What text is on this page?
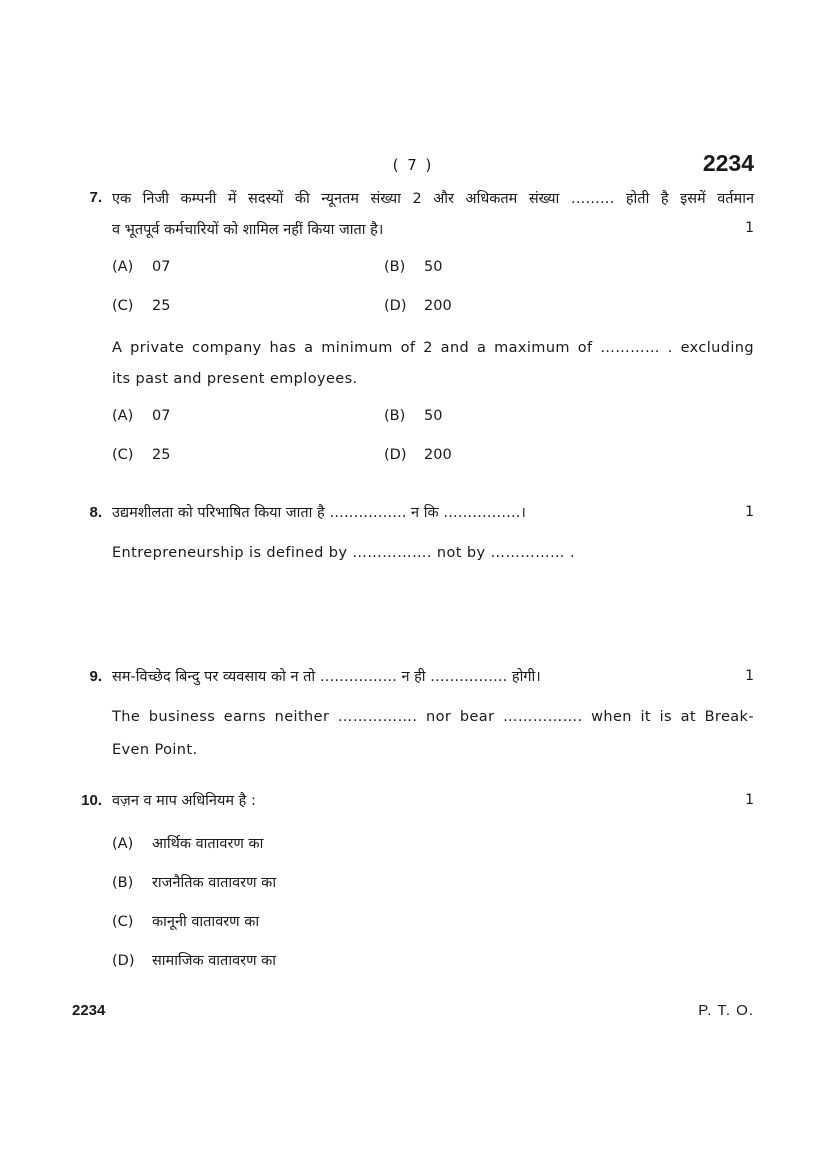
( 7 )	2234
7. एक निजी कम्पनी में सदस्यों की न्यूनतम संख्या 2 और अधिकतम संख्या ……… होती है इसमें वर्तमान
व भूतपूर्व कर्मचारियों को शामिल नहीं किया जाता है।	1
(A) 07	(B) 50
(C) 25	(D) 200
A private company has a minimum of 2 and a maximum of ………… . excluding
its past and present employees.
(A) 07	(B) 50
(C) 25	(D) 200
8. उद्यमशीलता को परिभाषित किया जाता है ……………. न कि …………….।	1
Entrepreneurship is defined by ……………. not by …………… .
9. सम-विच्छेद बिन्दु पर व्यवसाय को न तो ……………. न ही ……………. होगी।	1
The business earns neither ……………. nor bear ……………. when it is at Break-
Even Point.
10. वज़न व माप अधिनियम है :	1
(A) आर्थिक वातावरण का
(B) राजनैतिक वातावरण का
(C) कानूनी वातावरण का
(D) सामाजिक वातावरण का
2234	P. T. O.
